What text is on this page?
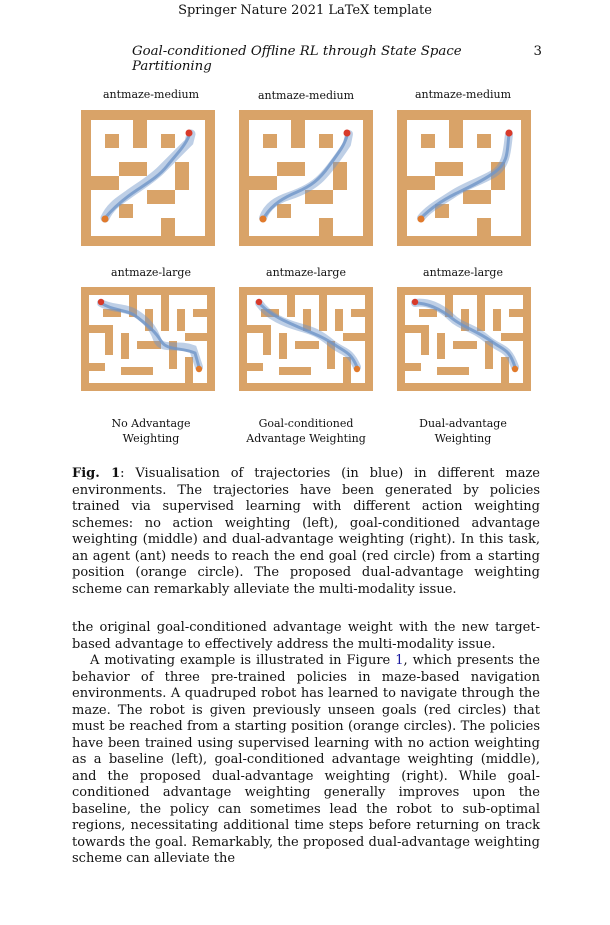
Springer Nature 2021 LaTeX template
Goal-conditioned Offline RL through State Space Partitioning
3
antmaze-medium	antmaze-medium	antmaze-medium
antmaze-large	antmaze-large	antmaze-large
No Advantage
Weighting
Goal-conditioned
Advantage Weighting
Dual-advantage
Weighting
Fig. 1: Visualisation of trajectories (in blue) in different maze environments. The trajectories have been generated by policies trained via supervised learning with different action weighting schemes: no action weighting (left), goal-conditioned advantage weighting (middle) and dual-advantage weighting (right). In this task, an agent (ant) needs to reach the end goal (red circle) from a starting position (orange circle). The proposed dual-advantage weighting scheme can remarkably alleviate the multi-modality issue.

the original goal-conditioned advantage weight with the new target-based advantage to effectively address the multi-modality issue.

A motivating example is illustrated in Figure 1, which presents the behavior of three pre-trained policies in maze-based navigation environments. A quadruped robot has learned to navigate through the maze. The robot is given previously unseen goals (red circles) that must be reached from a starting position (orange circles). The policies have been trained using supervised learning with no action weighting as a baseline (left), goal-conditioned advantage weighting (middle), and the proposed dual-advantage weighting (right). While goal-conditioned advantage weighting generally improves upon the baseline, the policy can sometimes lead the robot to sub-optimal regions, necessitating additional time steps before returning on track towards the goal. Remarkably, the proposed dual-advantage weighting scheme can alleviate the
